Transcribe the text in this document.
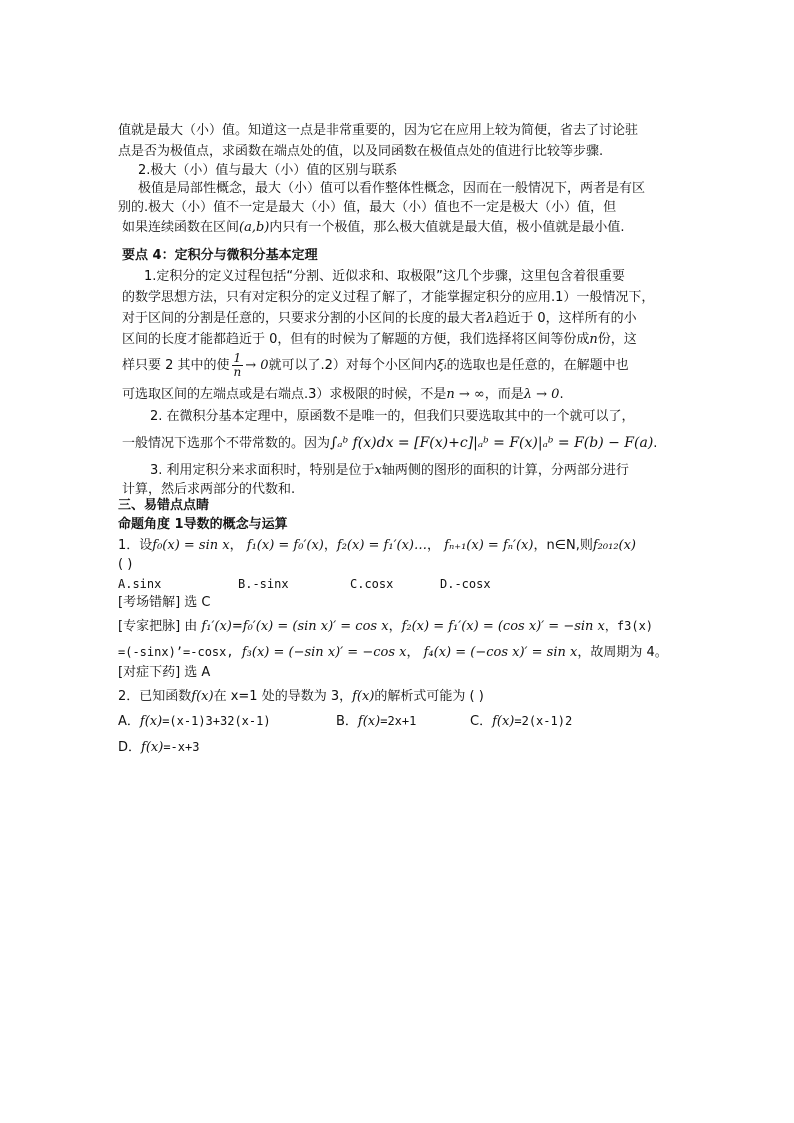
值就是最大（小）值。知道这一点是非常重要的，因为它在应用上较为简便，省去了讨论驻
点是否为极值点，求函数在端点处的值，以及同函数在极值点处的值进行比较等步骤.
2.极大（小）值与最大（小）值的区别与联系
极值是局部性概念，最大（小）值可以看作整体性概念，因而在一般情况下，两者是有区
别的.极大（小）值不一定是最大（小）值，最大（小）值也不一定是极大（小）值，但
如果连续函数在区间(a,b)内只有一个极值，那么极大值就是最大值，极小值就是最小值.
要点 4：定积分与微积分基本定理
1.定积分的定义过程包括“分割、近似求和、取极限”这几个步骤，这里包含着很重要
的数学思想方法，只有对定积分的定义过程了解了，才能掌握定积分的应用.1）一般情况下，
对于区间的分割是任意的，只要求分割的小区间的长度的最大者λ趋近于 0，这样所有的小
区间的长度才能都趋近于 0，但有的时候为了解题的方便，我们选择将区间等份成n份，这
样只要 2 其中的使 $\frac{1}{n} \to 0$就可以了.2）对每个小区间内ξᵢ的选取也是任意的，在解题中也
可选取区间的左端点或是右端点.3）求极限的时候，不是n → ∞，而是λ → 0.
2. 在微积分基本定理中，原函数不是唯一的，但我们只要选取其中的一个就可以了，
一般情况下选那个不带常数的。因为∫ₐᵇ f(x)dx = [F(x)+c]|ₐᵇ = F(x)|ₐᵇ = F(b) − F(a).
3. 利用定积分来求面积时，特别是位于x轴两侧的图形的面积的计算，分两部分进行
计算，然后求两部分的代数和.
三、易错点点睛
命题角度 1导数的概念与运算
1．设f₀(x) = sin x， f₁(x) = f₀′(x)，f₂(x) = f₁′(x)…， fₙ₊₁(x) = fₙ′(x)，n∈N,则f₂₀₁₂(x)
( )
A.sinx	B.-sinx	C.cosx	D.-cosx
[考场错解] 选 C
[专家把脉] 由 f₁′(x)=f₀′(x) = (sin x)′ = cos x，f₂(x) = f₁′(x) = (cos x)′ = −sin x，f3(x)
=(-sinx)’=-cosx, f₃(x) = (−sin x)′ = −cos x， f₄(x) = (−cos x)′ = sin x，故周期为 4。
[对症下药] 选 A
2．已知函数f(x)在 x=1 处的导数为 3，f(x)的解析式可能为 ( )
A．f(x)=(x-1)3+32(x-1)	B．f(x)=2x+1	C．f(x)=2(x-1)2
D．f(x)=-x+3
